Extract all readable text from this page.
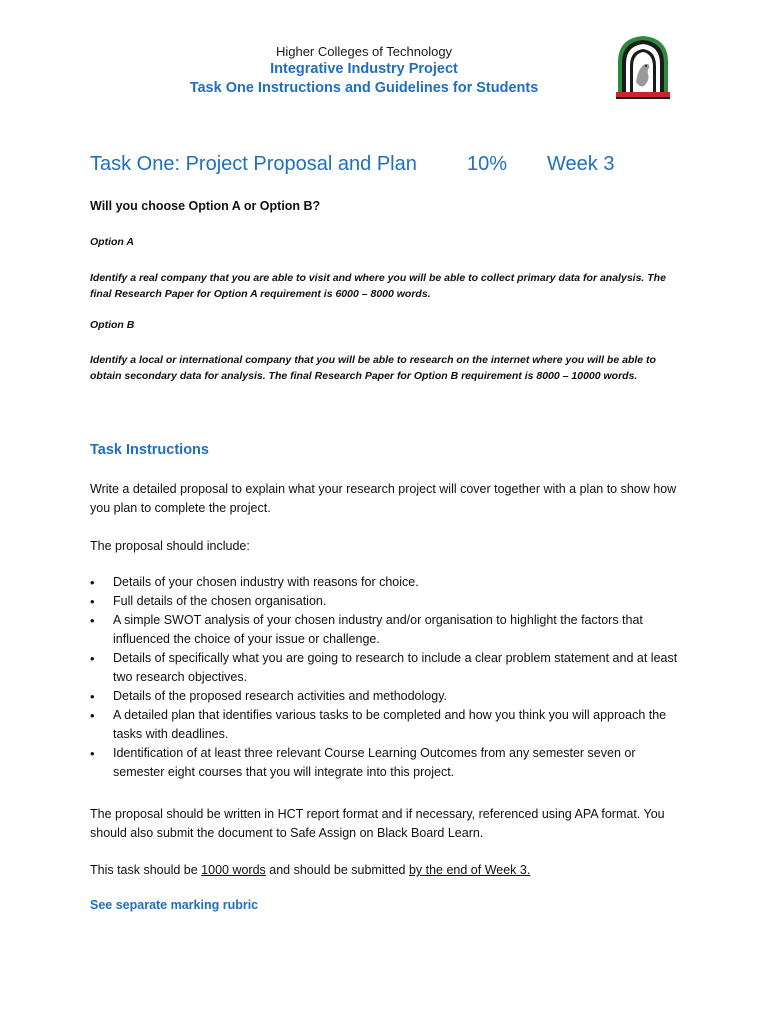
Higher Colleges of Technology
Integrative Industry Project
Task One Instructions and Guidelines for Students
Task One: Project Proposal and Plan	10% Week 3
Will you choose Option A or Option B?
Option A
Identify a real company that you are able to visit and where you will be able to collect primary data for analysis. The final Research Paper for Option A requirement is 6000 – 8000 words.
Option B
Identify a local or international company that you will be able to research on the internet where you will be able to obtain secondary data for analysis. The final Research Paper for Option B requirement is 8000 – 10000 words.
Task Instructions
Write a detailed proposal to explain what your research project will cover together with a plan to show how you plan to complete the project.
The proposal should include:
• Details of your chosen industry with reasons for choice.
• Full details of the chosen organisation.
• A simple SWOT analysis of your chosen industry and/or organisation to highlight the factors that influenced the choice of your issue or challenge.
• Details of specifically what you are going to research to include a clear problem statement and at least two research objectives.
• Details of the proposed research activities and methodology.
• A detailed plan that identifies various tasks to be completed and how you think you will approach the tasks with deadlines.
• Identification of at least three relevant Course Learning Outcomes from any semester seven or semester eight courses that you will integrate into this project.
The proposal should be written in HCT report format and if necessary, referenced using APA format. You should also submit the document to Safe Assign on Black Board Learn.
This task should be 1000 words and should be submitted by the end of Week 3.
See separate marking rubric
